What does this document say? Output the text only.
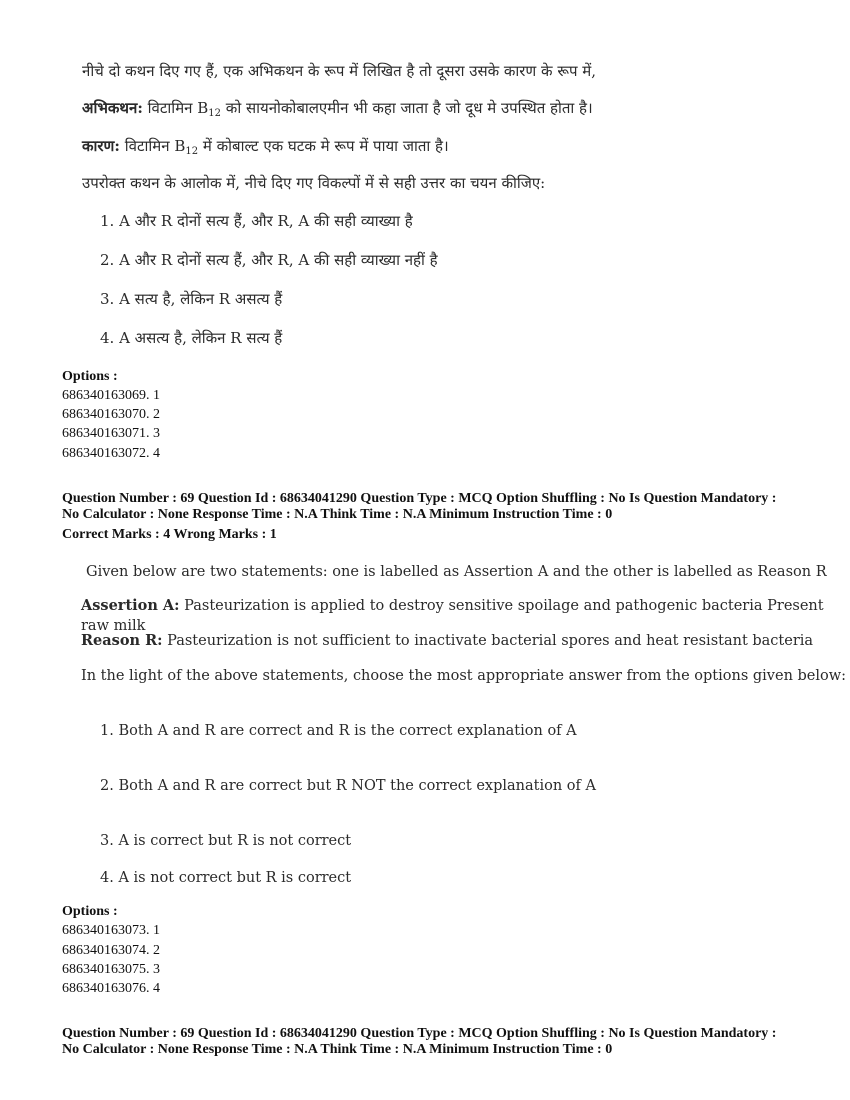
नीचे दो कथन दिए गए हैं, एक अभिकथन के रूप में लिखित है तो दूसरा उसके कारण के रूप में,
अभिकथन: विटामिन $B_{12}$ को सायनोकोबालएमीन भी कहा जाता है जो दूध मे उपस्थित होता है।
कारण: विटामिन $B_{12}$ में कोबाल्ट एक घटक मे रूप में पाया जाता है।
उपरोक्त कथन के आलोक में, नीचे दिए गए विकल्पों में से सही उत्तर का चयन कीजिए:
1. A और R दोनों सत्य हैं, और R, A की सही व्याख्या है
2. A और R दोनों सत्य हैं, और R, A की सही व्याख्या नहीं है
3. A सत्य है, लेकिन R असत्य हैं
4. A असत्य है, लेकिन R सत्य हैं
Options :
686340163069. 1
686340163070. 2
686340163071. 3
686340163072. 4
Question Number : 69 Question Id : 68634041290 Question Type : MCQ Option Shuffling : No Is Question Mandatory :
No Calculator : None Response Time : N.A Think Time : N.A Minimum Instruction Time : 0
Correct Marks : 4 Wrong Marks : 1
Given below are two statements: one is labelled as Assertion A and the other is labelled as Reason R
Assertion A: Pasteurization is applied to destroy sensitive spoilage and pathogenic bacteria Present raw milk
Reason R: Pasteurization is not sufficient to inactivate bacterial spores and heat resistant bacteria
In the light of the above statements, choose the most appropriate answer from the options given below:
1. Both A and R are correct and R is the correct explanation of A
2. Both A and R are correct but R NOT the correct explanation of A
3. A is correct but R is not correct
4. A is not correct but R is correct
Options :
686340163073. 1
686340163074. 2
686340163075. 3
686340163076. 4
Question Number : 69 Question Id : 68634041290 Question Type : MCQ Option Shuffling : No Is Question Mandatory :
No Calculator : None Response Time : N.A Think Time : N.A Minimum Instruction Time : 0
